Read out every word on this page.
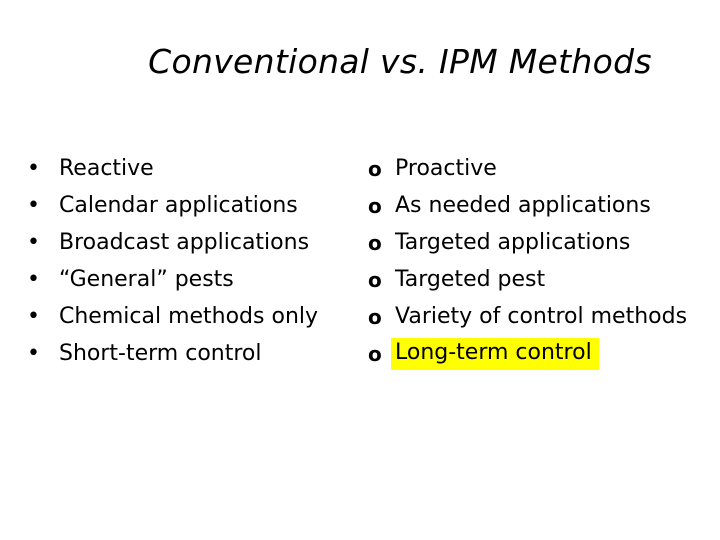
Conventional vs. IPM Methods
• Reactive
• Calendar applications
• Broadcast applications
• “General” pests
• Chemical methods only
• Short-term control
o Proactive
o As needed applications
o Targeted applications
o Targeted pest
o Variety of control methods
o Long-term control
